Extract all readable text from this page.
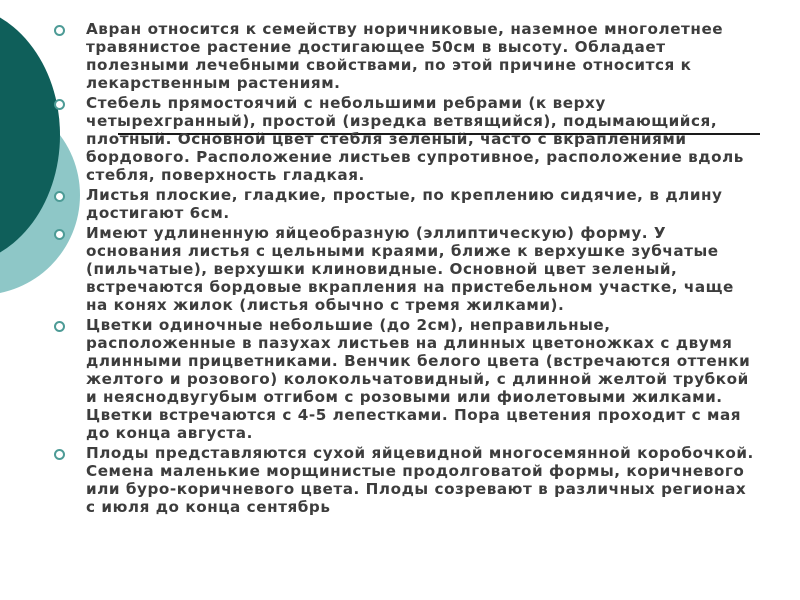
Авран относится к семейству норичниковые, наземное многолетнее травянистое растение достигающее 50см в высоту. Обладает полезными лечебными свойствами, по этой причине относится к лекарственным растениям.
Стебель прямостоячий с небольшими ребрами (к верху четырехгранный), простой (изредка ветвящийся), подымающийся, плотный. Основной цвет стебля зеленый, часто с вкраплениями бордового. Расположение листьев супротивное, расположение вдоль стебля, поверхность гладкая.
Листья плоские, гладкие, простые, по креплению сидячие, в длину достигают 6см.
Имеют удлиненную яйцеобразную (эллиптическую) форму. У основания листья с цельными краями, ближе к верхушке зубчатые (пильчатые), верхушки клиновидные. Основной цвет зеленый, встречаются бордовые вкрапления на пристебельном участке, чаще на конях жилок (листья обычно с тремя жилками).
Цветки одиночные небольшие (до 2см), неправильные, расположенные в пазухах листьев на длинных цветоножках с двумя длинными прицветниками. Венчик белого цвета (встречаются оттенки желтого и розового) колокольчатовидный, с длинной желтой трубкой и неяснодвугубым отгибом с розовыми или фиолетовыми жилками. Цветки встречаются с 4-5 лепестками. Пора цветения проходит с мая до конца августа.
Плоды представляются сухой яйцевидной многосемянной коробочкой. Семена маленькие морщинистые продолговатой формы, коричневого или буро-коричневого цвета. Плоды созревают в различных регионах с июля до конца сентябрь
